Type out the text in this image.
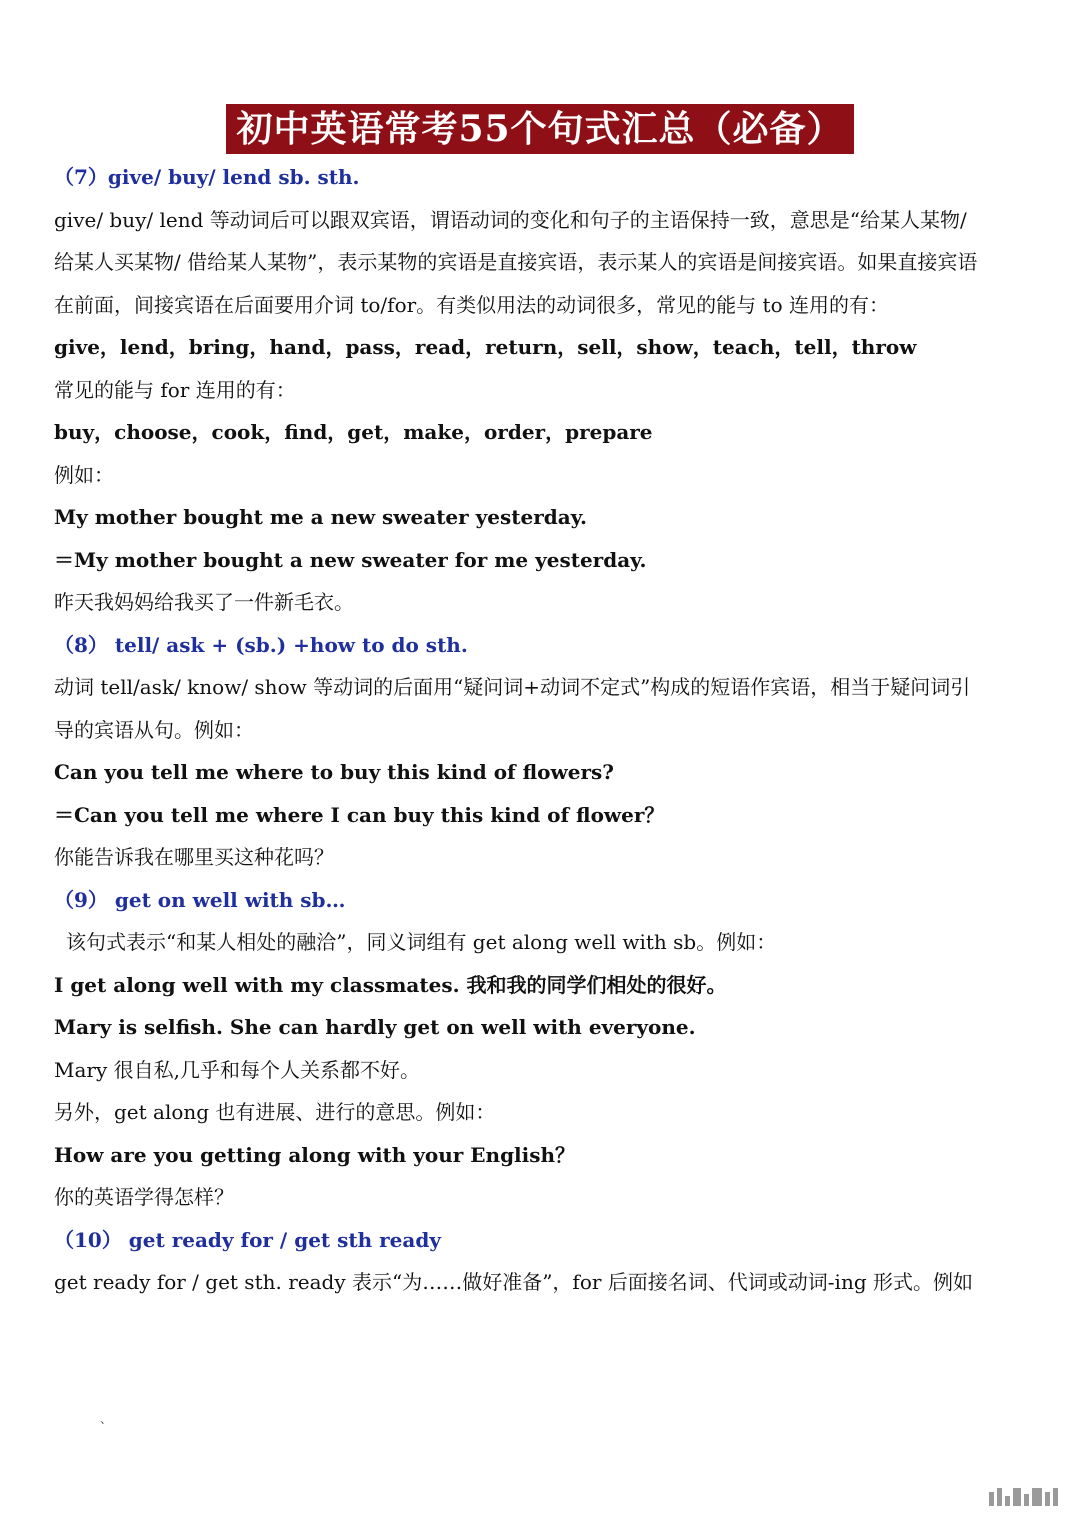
初中英语常考55个句式汇总（必备）
（7）give/ buy/ lend sb. sth.
give/ buy/ lend 等动词后可以跟双宾语，谓语动词的变化和句子的主语保持一致，意思是“给某人某物/ 给某人买某物/ 借给某人某物”，表示某物的宾语是直接宾语，表示某人的宾语是间接宾语。如果直接宾语在前面，间接宾语在后面要用介词 to/for。有类似用法的动词很多，常见的能与 to 连用的有：
give，lend，bring，hand，pass，read，return，sell，show，teach，tell，throw
常见的能与 for 连用的有：
buy，choose，cook，find，get，make，order，prepare
例如：
My mother bought me a new sweater yesterday.
＝My mother bought a new sweater for me yesterday.
昨天我妈妈给我买了一件新毛衣。
（8） tell/ ask + (sb.) +how to do sth.
动词 tell/ask/ know/ show 等动词的后面用“疑问词+动词不定式”构成的短语作宾语，相当于疑问词引导的宾语从句。例如：
Can you tell me where to buy this kind of flowers?
＝Can you tell me where I can buy this kind of flower？
你能告诉我在哪里买这种花吗？
（9） get on well with sb…
该句式表示“和某人相处的融洽”，同义词组有 get along well with sb。例如：
I get along well with my classmates. 我和我的同学们相处的很好。
Mary is selfish. She can hardly get on well with everyone.
Mary 很自私,几乎和每个人关系都不好。
另外，get along 也有进展、进行的意思。例如：
How are you getting along with your English？
你的英语学得怎样？
（10） get ready for / get sth ready
get ready for / get sth. ready 表示“为……做好准备”，for 后面接名词、代词或动词-ing 形式。例如
、
